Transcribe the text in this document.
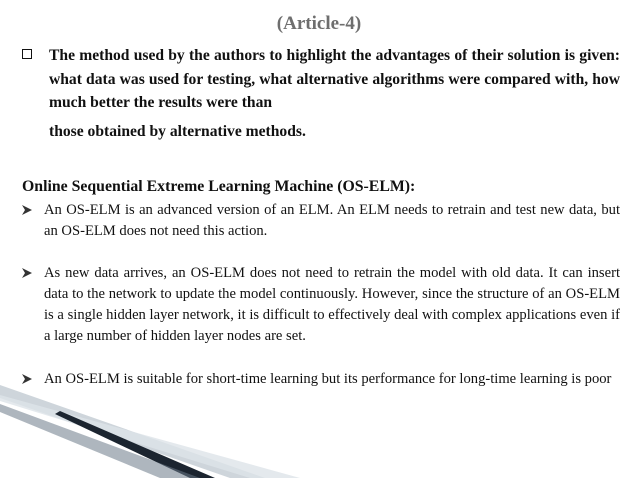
(Article-4)
The method used by the authors to highlight the advantages of their solution is given: what data was used for testing, what alternative algorithms were compared with, how much better the results were than
those obtained by alternative methods.
Online Sequential Extreme Learning Machine (OS-ELM):
An OS-ELM is an advanced version of an ELM. An ELM needs to retrain and test new data, but an OS-ELM does not need this action.
As new data arrives, an OS-ELM does not need to retrain the model with old data. It can insert data to the network to update the model continuously. However, since the structure of an OS-ELM is a single hidden layer network, it is difficult to effectively deal with complex applications even if a large number of hidden layer nodes are set.
An OS-ELM is suitable for short-time learning but its performance for long-time learning is poor
